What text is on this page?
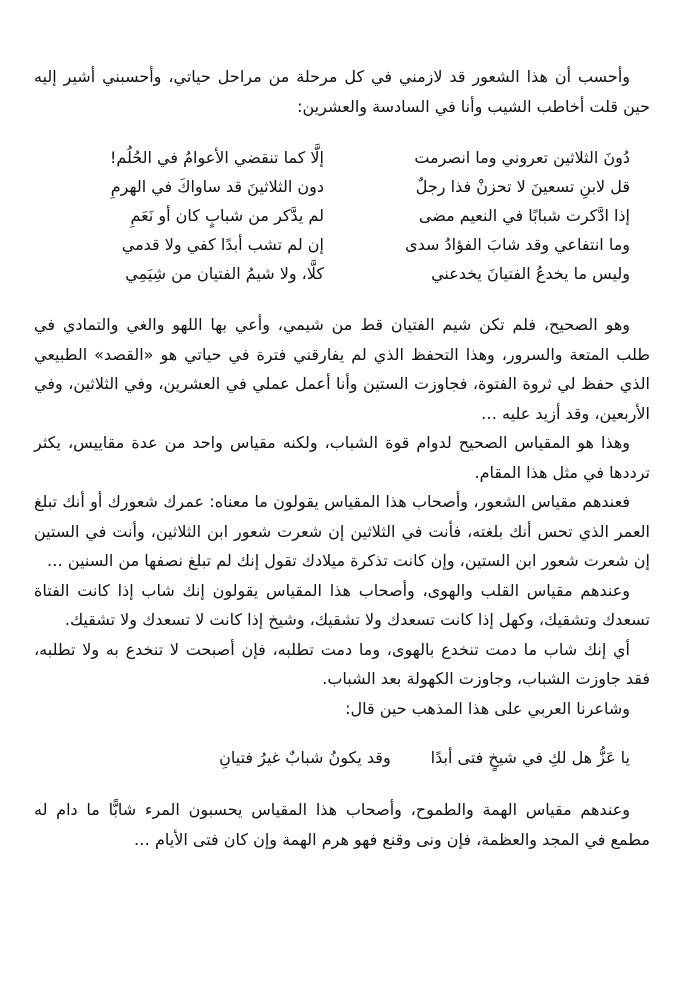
وأحسب أن هذا الشعور قد لازمني في كل مرحلة من مراحل حياتي، وأحسبني أشير إليه حين قلت أخاطب الشيب وأنا في السادسة والعشرين:

دُونَ الثلاثين تعروني وما انصرمت
إلَّا كما تنقضي الأعوامُ في الحُلُم!
قل لابنِ تسعينَ لا تحزنْ فذا رجلٌ
دون الثلاثينَ قد ساواكَ في الهرمِ
إذا ادَّكرت شبابًا في النعيم مضى
لم يدَّكر من شبابٍ كان أو نَعَمِ
وما انتفاعي وقد شابَ الفؤادُ سدى
إن لم تشب أبدًا كفي ولا قدمي
وليس ما يخدعُ الفتيانَ يخدعني
كلَّا، ولا شيمُ الفتيان من شِيَمِي

وهو الصحيح، فلم تكن شيم الفتيان قط من شيمي، وأعي بها اللهو والغي والتمادي في طلب المتعة والسرور، وهذا التحفظ الذي لم يفارقني فترة في حياتي هو «القصد» الطبيعي الذي حفظ لي ثروة الفتوة، فجاوزت الستين وأنا أعمل عملي في العشرين، وفي الثلاثين، وفي الأربعين، وقد أزيد عليه …

وهذا هو المقياس الصحيح لدوام قوة الشباب، ولكنه مقياس واحد من عدة مقاييس، يكثر ترددها في مثل هذا المقام.

فعندهم مقياس الشعور، وأصحاب هذا المقياس يقولون ما معناه: عمرك شعورك أو أنك تبلغ العمر الذي تحس أنك بلغته، فأنت في الثلاثين إن شعرت شعور ابن الثلاثين، وأنت في الستين إن شعرت شعور ابن الستين، وإن كانت تذكرة ميلادك تقول إنك لم تبلغ نصفها من السنين …

وعندهم مقياس القلب والهوى، وأصحاب هذا المقياس يقولون إنك شاب إذا كانت الفتاة تسعدك وتشقيك، وكهل إذا كانت تسعدك ولا تشقيك، وشيخ إذا كانت لا تسعدك ولا تشقيك.

أي إنك شاب ما دمت تنخدع بالهوى، وما دمت تطلبه، فإن أصبحت لا تنخدع به ولا تطلبه، فقد جاوزت الشباب، وجاوزت الكهولة بعد الشباب.

وشاعرنا العربي على هذا المذهب حين قال:

يا عَزُّ هل لكِ في شيخٍ فتى أبدًا
وقد يكونُ شبابٌ غيرُ فتيانِ

وعندهم مقياس الهمة والطموح، وأصحاب هذا المقياس يحسبون المرء شابًّا ما دام له مطمع في المجد والعظمة، فإن ونى وقنع فهو هرم الهمة وإن كان فتى الأيام …
